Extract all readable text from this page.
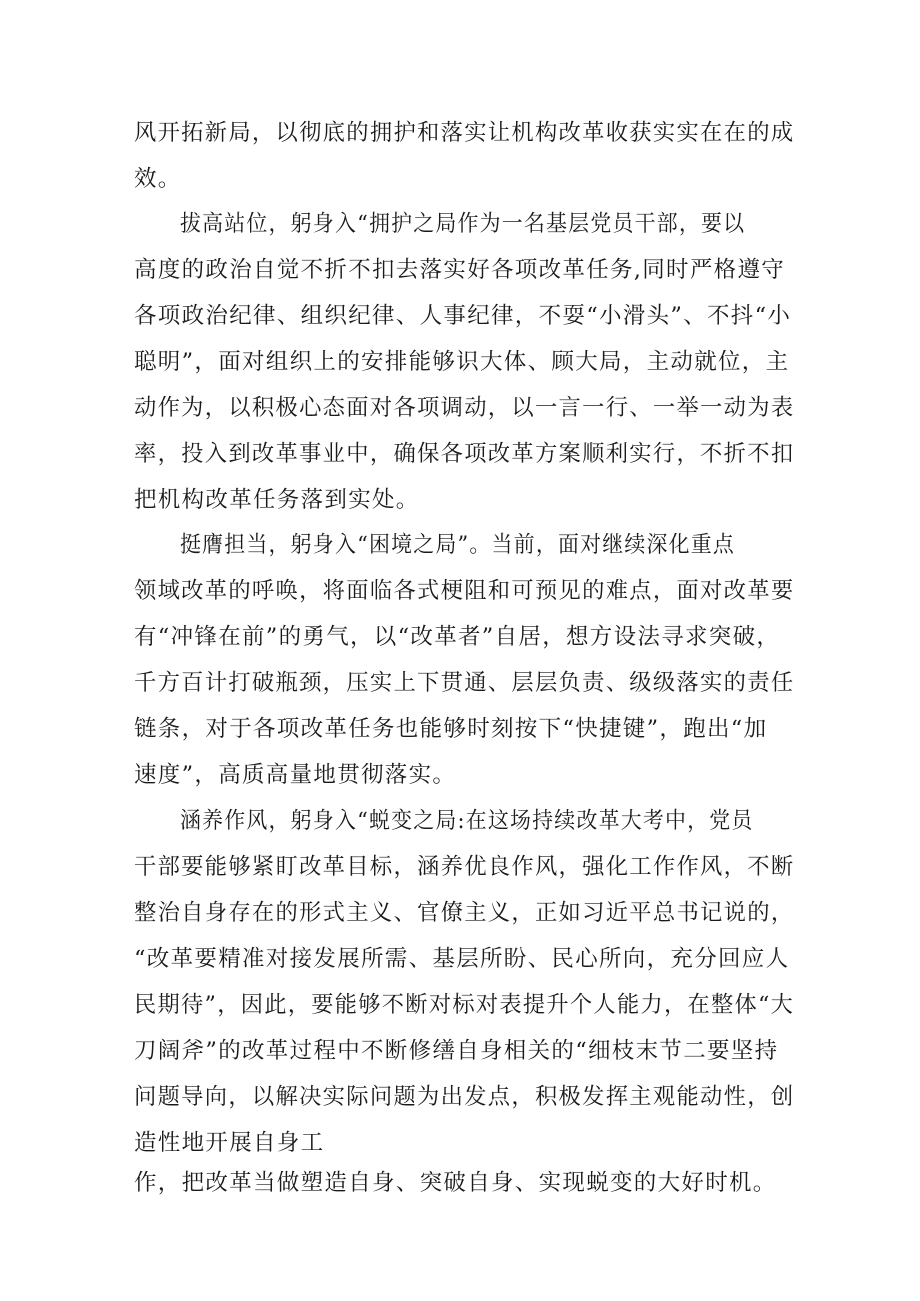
风开拓新局，以彻底的拥护和落实让机构改革收获实实在在的成
效。
拔高站位，躬身入“拥护之局作为一名基层党员干部，要以
高度的政治自觉不折不扣去落实好各项改革任务,同时严格遵守
各项政治纪律、组织纪律、人事纪律，不耍“小滑头”、不抖“小
聪明”，面对组织上的安排能够识大体、顾大局，主动就位，主
动作为，以积极心态面对各项调动，以一言一行、一举一动为表
率，投入到改革事业中，确保各项改革方案顺利实行，不折不扣
把机构改革任务落到实处。
挺膺担当，躬身入“困境之局”。当前，面对继续深化重点
领域改革的呼唤，将面临各式梗阻和可预见的难点，面对改革要
有“冲锋在前”的勇气，以“改革者”自居，想方设法寻求突破，
千方百计打破瓶颈，压实上下贯通、层层负责、级级落实的责任
链条，对于各项改革任务也能够时刻按下“快捷键”，跑出“加
速度”，高质高量地贯彻落实。
涵养作风，躬身入“蜕变之局:在这场持续改革大考中，党员
干部要能够紧盯改革目标，涵养优良作风，强化工作作风，不断
整治自身存在的形式主义、官僚主义，正如习近平总书记说的，
“改革要精准对接发展所需、基层所盼、民心所向，充分回应人
民期待”，因此，要能够不断对标对表提升个人能力，在整体“大
刀阔斧”的改革过程中不断修缮自身相关的“细枝末节二要坚持
问题导向，以解决实际问题为出发点，积极发挥主观能动性，创
造性地开展自身工
作，把改革当做塑造自身、突破自身、实现蜕变的大好时机。
